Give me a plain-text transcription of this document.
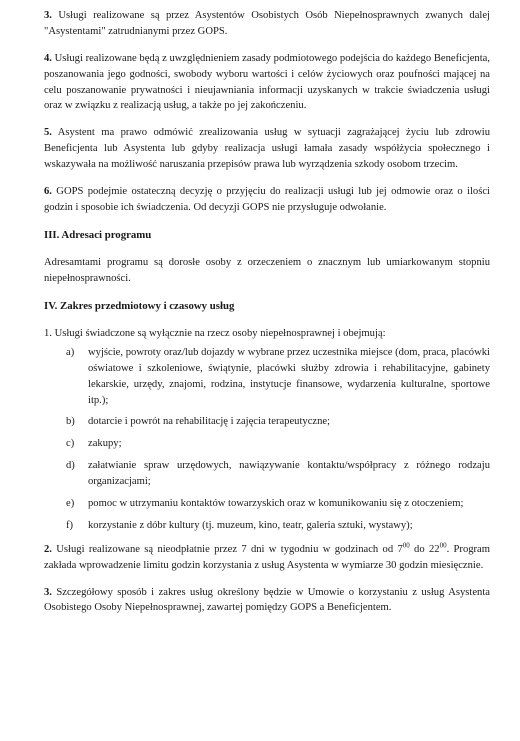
3. Usługi realizowane są przez Asystentów Osobistych Osób Niepełnosprawnych zwanych dalej "Asystentami" zatrudnianymi przez GOPS.

4. Usługi realizowane będą z uwzględnieniem zasady podmiotowego podejścia do każdego Beneficjenta, poszanowania jego godności, swobody wyboru wartości i celów życiowych oraz poufności mającej na celu poszanowanie prywatności i nieujawniania informacji uzyskanych w trakcie świadczenia usługi oraz w związku z realizacją usług, a także po jej zakończeniu.

5. Asystent ma prawo odmówić zrealizowania usług w sytuacji zagrażającej życiu lub zdrowiu Beneficjenta lub Asystenta lub gdyby realizacja usługi łamała zasady współżycia społecznego i wskazywała na możliwość naruszania przepisów prawa lub wyrządzenia szkody osobom trzecim.

6. GOPS podejmie ostateczną decyzję o przyjęciu do realizacji usługi lub jej odmowie oraz o ilości godzin i sposobie ich świadczenia. Od decyzji GOPS nie przysługuje odwołanie.

III. Adresaci programu

Adresamtami programu są dorosłe osoby z orzeczeniem o znacznym lub umiarkowanym stopniu niepełnosprawności.

IV. Zakres przedmiotowy i czasowy usług

1. Usługi świadczone są wyłącznie na rzecz osoby niepełnosprawnej i obejmują:

a)	wyjście, powroty oraz/lub dojazdy w wybrane przez uczestnika miejsce (dom, praca, placówki oświatowe i szkoleniowe, świątynie, placówki służby zdrowia i rehabilitacyjne, gabinety lekarskie, urzędy, znajomi, rodzina, instytucje finansowe, wydarzenia kulturalne, sportowe itp.);
b)	dotarcie i powrót na rehabilitację i zajęcia terapeutyczne;
c)	zakupy;
d)	załatwianie spraw urzędowych, nawiązywanie kontaktu/współpracy z różnego rodzaju organizacjami;
e)	pomoc w utrzymaniu kontaktów towarzyskich oraz w komunikowaniu się z otoczeniem;
f)	korzystanie z dóbr kultury (tj. muzeum, kino, teatr, galeria sztuki, wystawy);

2. Usługi realizowane są nieodpłatnie przez 7 dni w tygodniu w godzinach od $7^{00}$ do $22^{00}$. Program zakłada wprowadzenie limitu godzin korzystania z usług Asystenta w wymiarze 30 godzin miesięcznie.

3. Szczegółowy sposób i zakres usług określony będzie w Umowie o korzystaniu z usług Asystenta Osobistego Osoby Niepełnosprawnej, zawartej pomiędzy GOPS a Beneficjentem.
